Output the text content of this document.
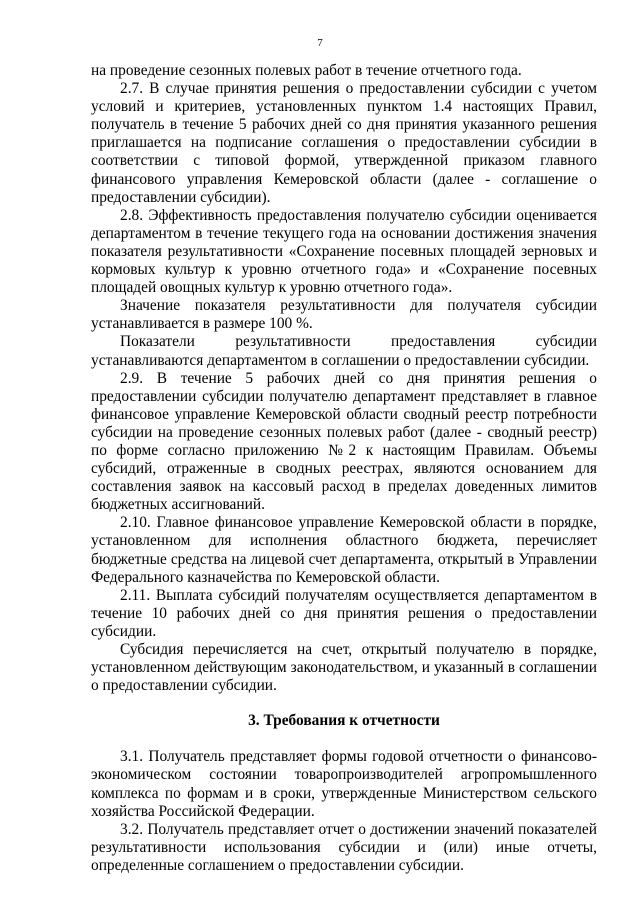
7

на проведение сезонных полевых работ в течение отчетного года.

2.7. В случае принятия решения о предоставлении субсидии с учетом условий и критериев, установленных пунктом 1.4 настоящих Правил, получатель в течение 5 рабочих дней со дня принятия указанного решения приглашается на подписание соглашения о предоставлении субсидии в соответствии с типовой формой, утвержденной приказом главного финансового управления Кемеровской области (далее - соглашение о предоставлении субсидии).

2.8. Эффективность предоставления получателю субсидии оценивается департаментом в течение текущего года на основании достижения значения показателя результативности «Сохранение посевных площадей зерновых и кормовых культур к уровню отчетного года» и «Сохранение посевных площадей овощных культур к уровню отчетного года».

Значение показателя результативности для получателя субсидии устанавливается в размере 100 %.

Показатели результативности предоставления субсидии устанавливаются департаментом в соглашении о предоставлении субсидии.

2.9. В течение 5 рабочих дней со дня принятия решения о предоставлении субсидии получателю департамент представляет в главное финансовое управление Кемеровской области сводный реестр потребности субсидии на проведение сезонных полевых работ (далее - сводный реестр) по форме согласно приложению №2 к настоящим Правилам. Объемы субсидий, отраженные в сводных реестрах, являются основанием для составления заявок на кассовый расход в пределах доведенных лимитов бюджетных ассигнований.

2.10. Главное финансовое управление Кемеровской области в порядке, установленном для исполнения областного бюджета, перечисляет бюджетные средства на лицевой счет департамента, открытый в Управлении Федерального казначейства по Кемеровской области.

2.11. Выплата субсидий получателям осуществляется департаментом в течение 10 рабочих дней со дня принятия решения о предоставлении субсидии.

Субсидия перечисляется на счет, открытый получателю в порядке, установленном действующим законодательством, и указанный в соглашении о предоставлении субсидии.

3. Требования к отчетности

3.1. Получатель представляет формы годовой отчетности о финансово-экономическом состоянии товаропроизводителей агропромышленного комплекса по формам и в сроки, утвержденные Министерством сельского хозяйства Российской Федерации.

3.2. Получатель представляет отчет о достижении значений показателей результативности использования субсидии и (или) иные отчеты, определенные соглашением о предоставлении субсидии.
